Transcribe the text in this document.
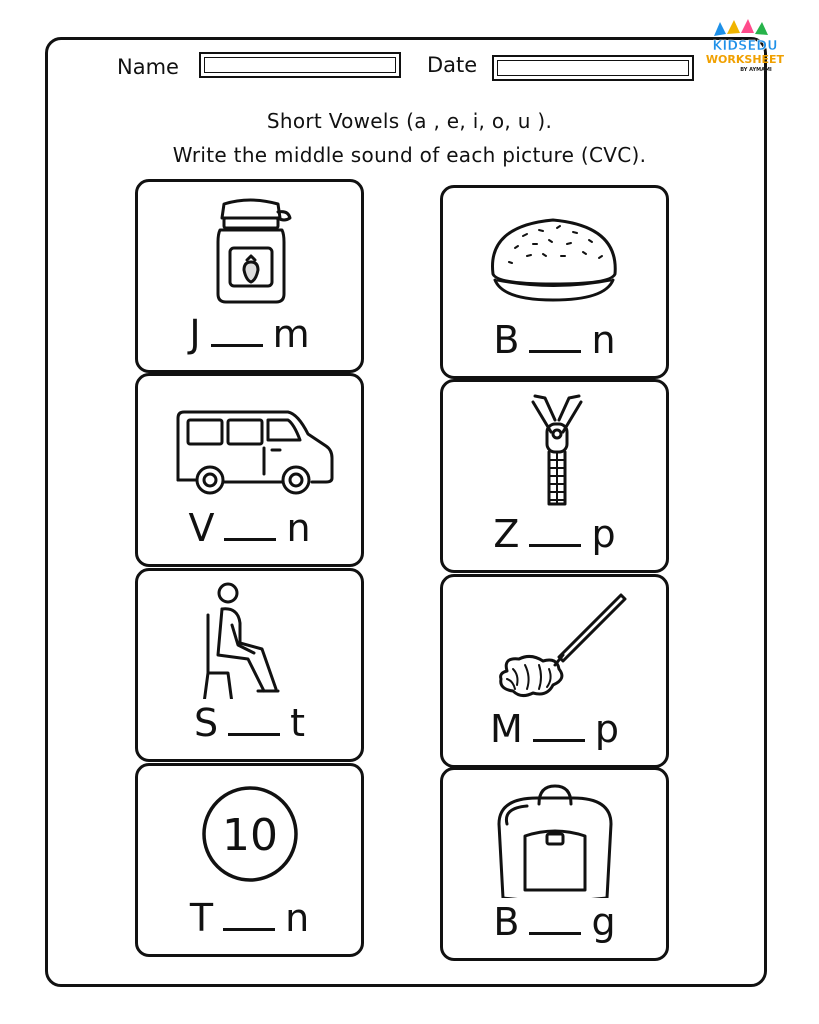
Name	Date
KIDSEDU
WORKSHEET
BY AYMAMI
Short Vowels (a , e, i, o, u ).
Write the middle sound of each picture (CVC).
J m	B n
V n	Z p
S t	M p
10
T n	B g
